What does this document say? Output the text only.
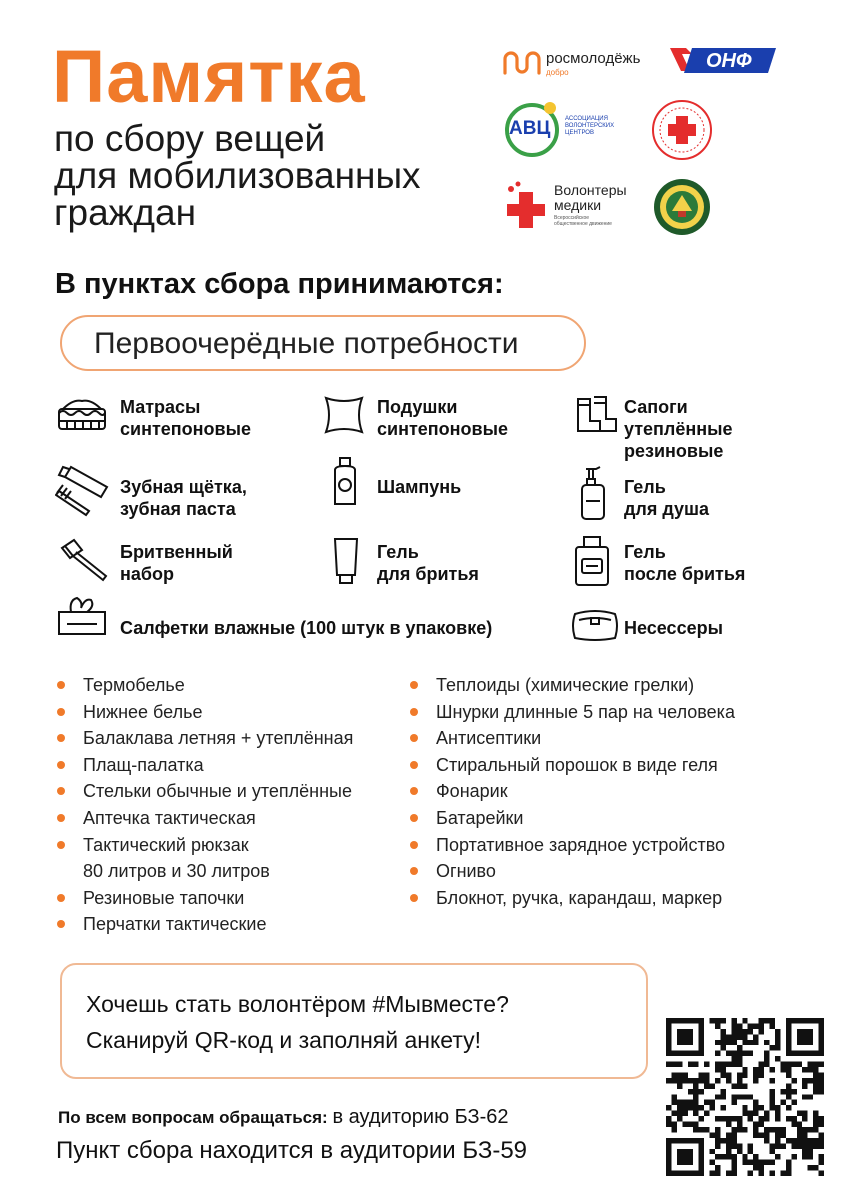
Памятка
по сбору вещей
для мобилизованных
граждан
росмолодёжь
добро
ОНФ
АВЦ АССОЦИАЦИЯ
ВОЛОНТЕРСКИХ
ЦЕНТРОВ
Волонтеры
медики
Всероссийское общественное движение
В пунктах сбора принимаются:
Первоочерёдные потребности
Матрасы
синтепоновые
Подушки
синтепоновые
Сапоги
утеплённые
резиновые
Зубная щётка,
зубная паста
Шампунь	Гель
для душа
Бритвенный
набор
Гель
для бритья
Гель
после бритья
Салфетки влажные (100 штук в упаковке)	Несессеры
Термобелье
Нижнее белье
Балаклава летняя + утеплённая
Плащ-палатка
Стельки обычные и утеплённые
Аптечка тактическая
Тактический рюкзак
80 литров и 30 литров
Резиновые тапочки
Перчатки тактические
Теплоиды (химические грелки)
Шнурки длинные 5 пар на человека
Антисептики
Стиральный порошок в виде геля
Фонарик
Батарейки
Портативное зарядное устройство
Огниво
Блокнот, ручка, карандаш, маркер
Хочешь стать волонтёром #Мывместе?
Сканируй QR-код и заполняй анкету!
По всем вопросам обращаться: в аудиторию БЗ-62
Пункт сбора находится в аудитории БЗ-59
